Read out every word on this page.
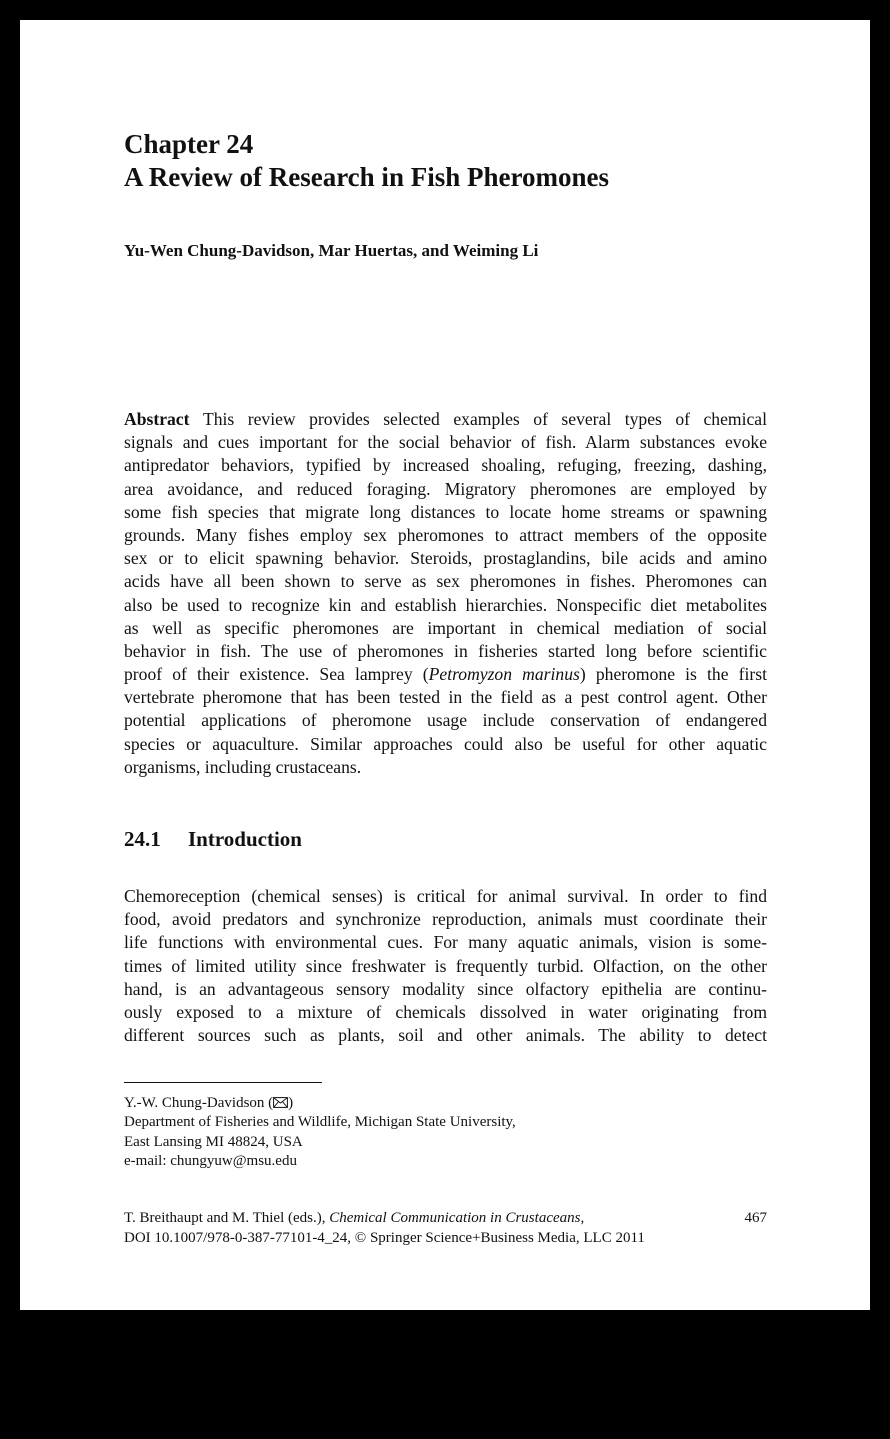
Chapter 24
A Review of Research in Fish Pheromones
Yu-Wen Chung-Davidson, Mar Huertas, and Weiming Li
Abstract This review provides selected examples of several types of chemical
signals and cues important for the social behavior of fish. Alarm substances evoke
antipredator behaviors, typified by increased shoaling, refuging, freezing, dashing,
area avoidance, and reduced foraging. Migratory pheromones are employed by
some fish species that migrate long distances to locate home streams or spawning
grounds. Many fishes employ sex pheromones to attract members of the opposite
sex or to elicit spawning behavior. Steroids, prostaglandins, bile acids and amino
acids have all been shown to serve as sex pheromones in fishes. Pheromones can
also be used to recognize kin and establish hierarchies. Nonspecific diet metabolites
as well as specific pheromones are important in chemical mediation of social
behavior in fish. The use of pheromones in fisheries started long before scientific
proof of their existence. Sea lamprey (Petromyzon marinus) pheromone is the first
vertebrate pheromone that has been tested in the field as a pest control agent. Other
potential applications of pheromone usage include conservation of endangered
species or aquaculture. Similar approaches could also be useful for other aquatic
organisms, including crustaceans.
24.1 Introduction
Chemoreception (chemical senses) is critical for animal survival. In order to find
food, avoid predators and synchronize reproduction, animals must coordinate their
life functions with environmental cues. For many aquatic animals, vision is some-
times of limited utility since freshwater is frequently turbid. Olfaction, on the other
hand, is an advantageous sensory modality since olfactory epithelia are continu-
ously exposed to a mixture of chemicals dissolved in water originating from
different sources such as plants, soil and other animals. The ability to detect
Y.-W. Chung-Davidson ( )
Department of Fisheries and Wildlife, Michigan State University,
East Lansing MI 48824, USA
e-mail: chungyuw@msu.edu
T. Breithaupt and M. Thiel (eds.), Chemical Communication in Crustaceans,
DOI 10.1007/978-0-387-77101-4_24, © Springer Science+Business Media, LLC 2011
467
